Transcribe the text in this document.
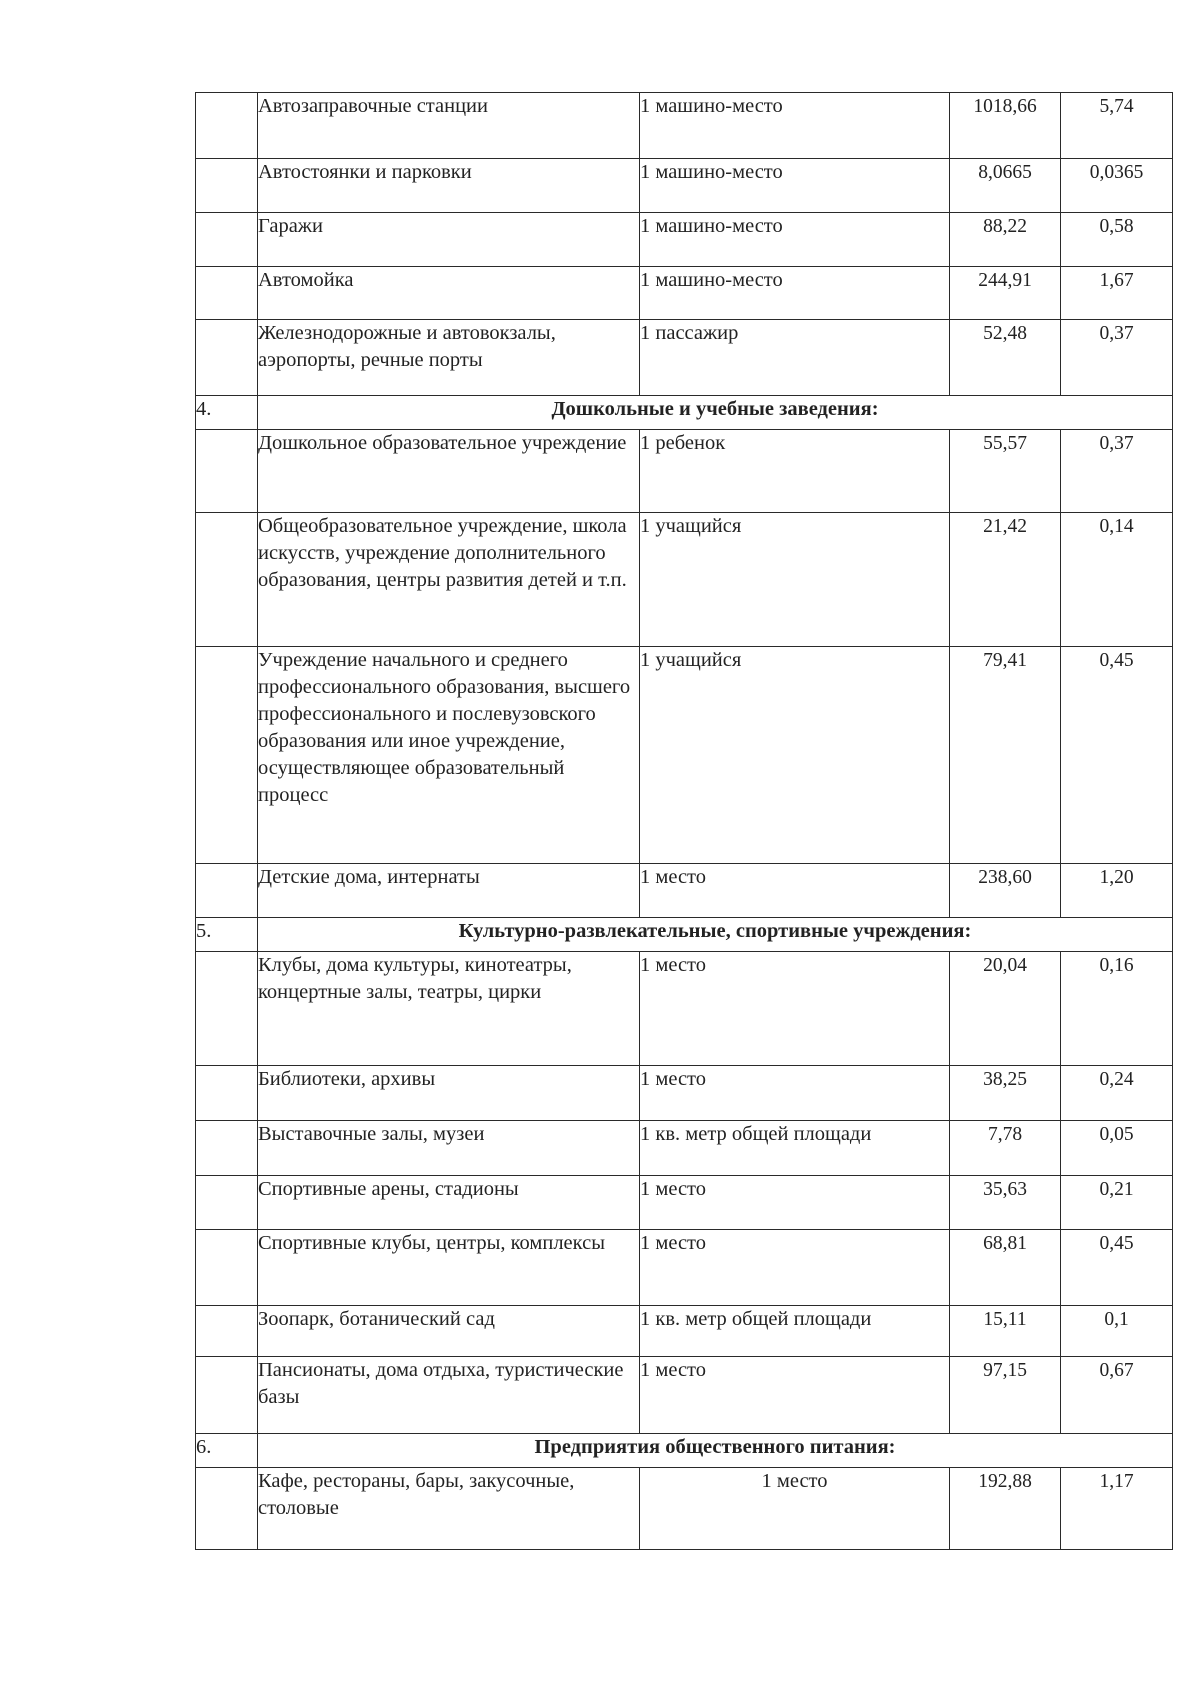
	Автозаправочные станции	1 машино-место	1018,66	5,74
	Автостоянки и парковки	1 машино-место	8,0665	0,0365
	Гаражи	1 машино-место	88,22	0,58
	Автомойка	1 машино-место	244,91	1,67
	Железнодорожные и автовокзалы, аэропорты, речные порты	1 пассажир	52,48	0,37
4.	Дошкольные и учебные заведения:			
	Дошкольное образовательное учреждение	1 ребенок	55,57	0,37
	Общеобразовательное учреждение, школа искусств, учреждение дополнительного образования, центры развития детей и т.п.	1 учащийся	21,42	0,14
	Учреждение начального и среднего профессионального образования, высшего профессионального и послевузовского образования или иное учреждение, осуществляющее образовательный процесс	1 учащийся	79,41	0,45
	Детские дома, интернаты	1 место	238,60	1,20
5.	Культурно-развлекательные, спортивные учреждения:			
	Клубы, дома культуры, кинотеатры, концертные залы, театры, цирки	1 место	20,04	0,16
	Библиотеки, архивы	1 место	38,25	0,24
	Выставочные залы, музеи	1 кв. метр общей площади	7,78	0,05
	Спортивные арены, стадионы	1 место	35,63	0,21
	Спортивные клубы, центры, комплексы	1 место	68,81	0,45
	Зоопарк, ботанический сад	1 кв. метр общей площади	15,11	0,1
	Пансионаты, дома отдыха, туристические базы	1 место	97,15	0,67
6.	Предприятия общественного питания:			
	Кафе, рестораны, бары, закусочные, столовые	1 место	192,88	1,17
